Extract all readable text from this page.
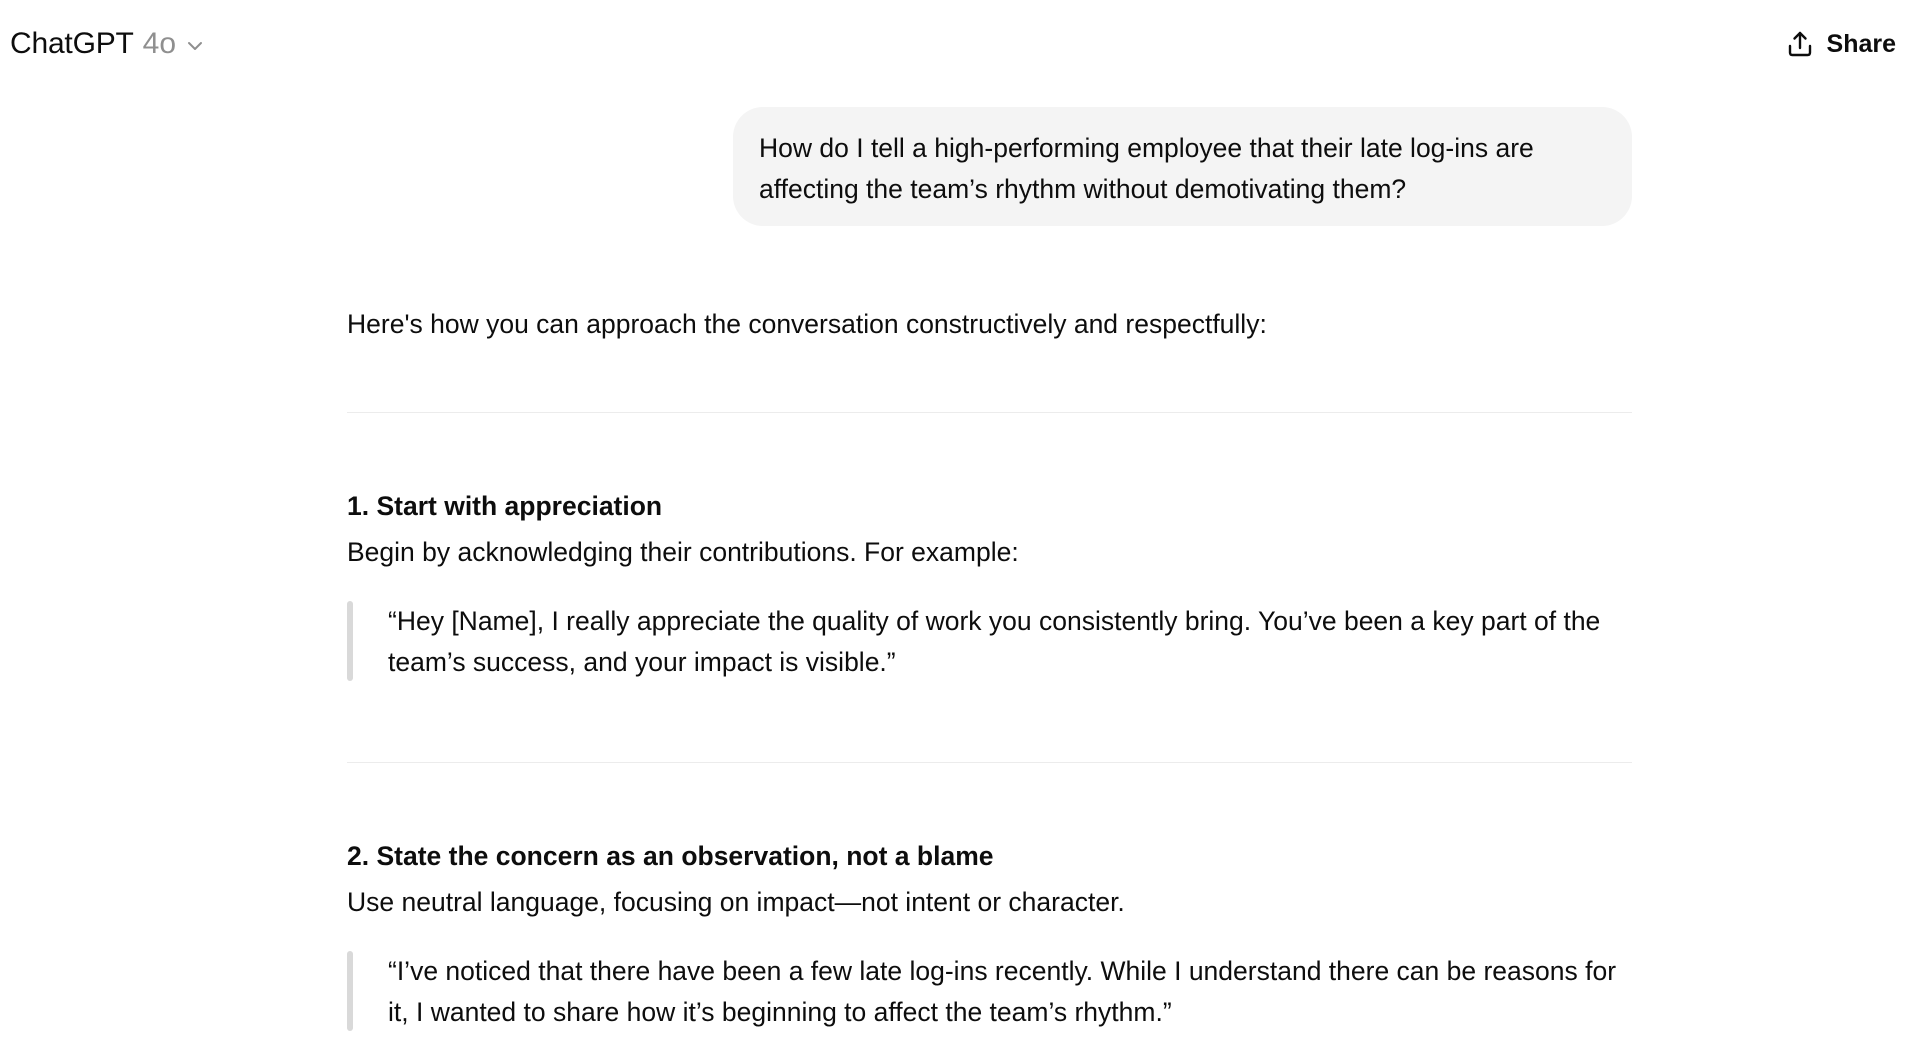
ChatGPT 4o	Share
How do I tell a high-performing employee that their late log-ins are affecting the team’s rhythm without demotivating them?
Here's how you can approach the conversation constructively and respectfully:
1. Start with appreciation
Begin by acknowledging their contributions. For example:
“Hey [Name], I really appreciate the quality of work you consistently bring. You’ve been a key part of the team’s success, and your impact is visible.”
2. State the concern as an observation, not a blame
Use neutral language, focusing on impact—not intent or character.
“I’ve noticed that there have been a few late log-ins recently. While I understand there can be reasons for it, I wanted to share how it’s beginning to affect the team’s rhythm.”
